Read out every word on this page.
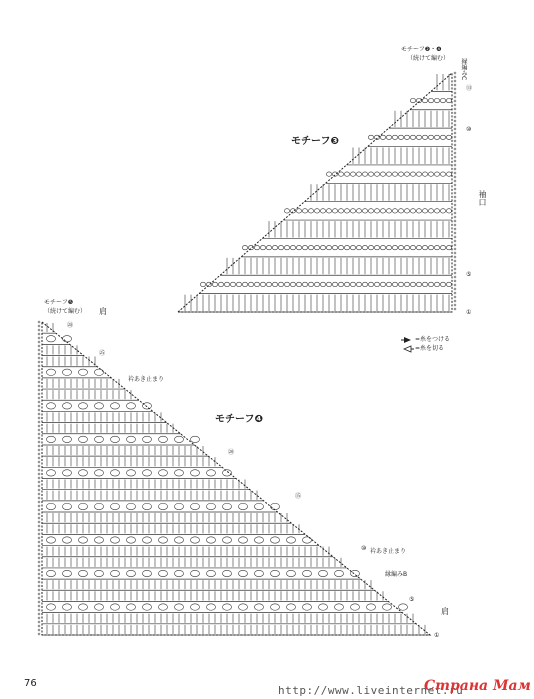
モチーフ❸
モチーフ❷・❹
（続けて編む） 縁編みC
袖口
⑬
⑩
⑤
①
モチーフ❹
モチーフ❺
（続けて編む） 肩
肩
衿あき止まり
衿あき止まり
縁編みB
㉘
㉕
⑳
⑮
⑩
⑤
①
=糸をつける
=糸を切る
76
http://www.liveinternet.ru
Страна Мам
